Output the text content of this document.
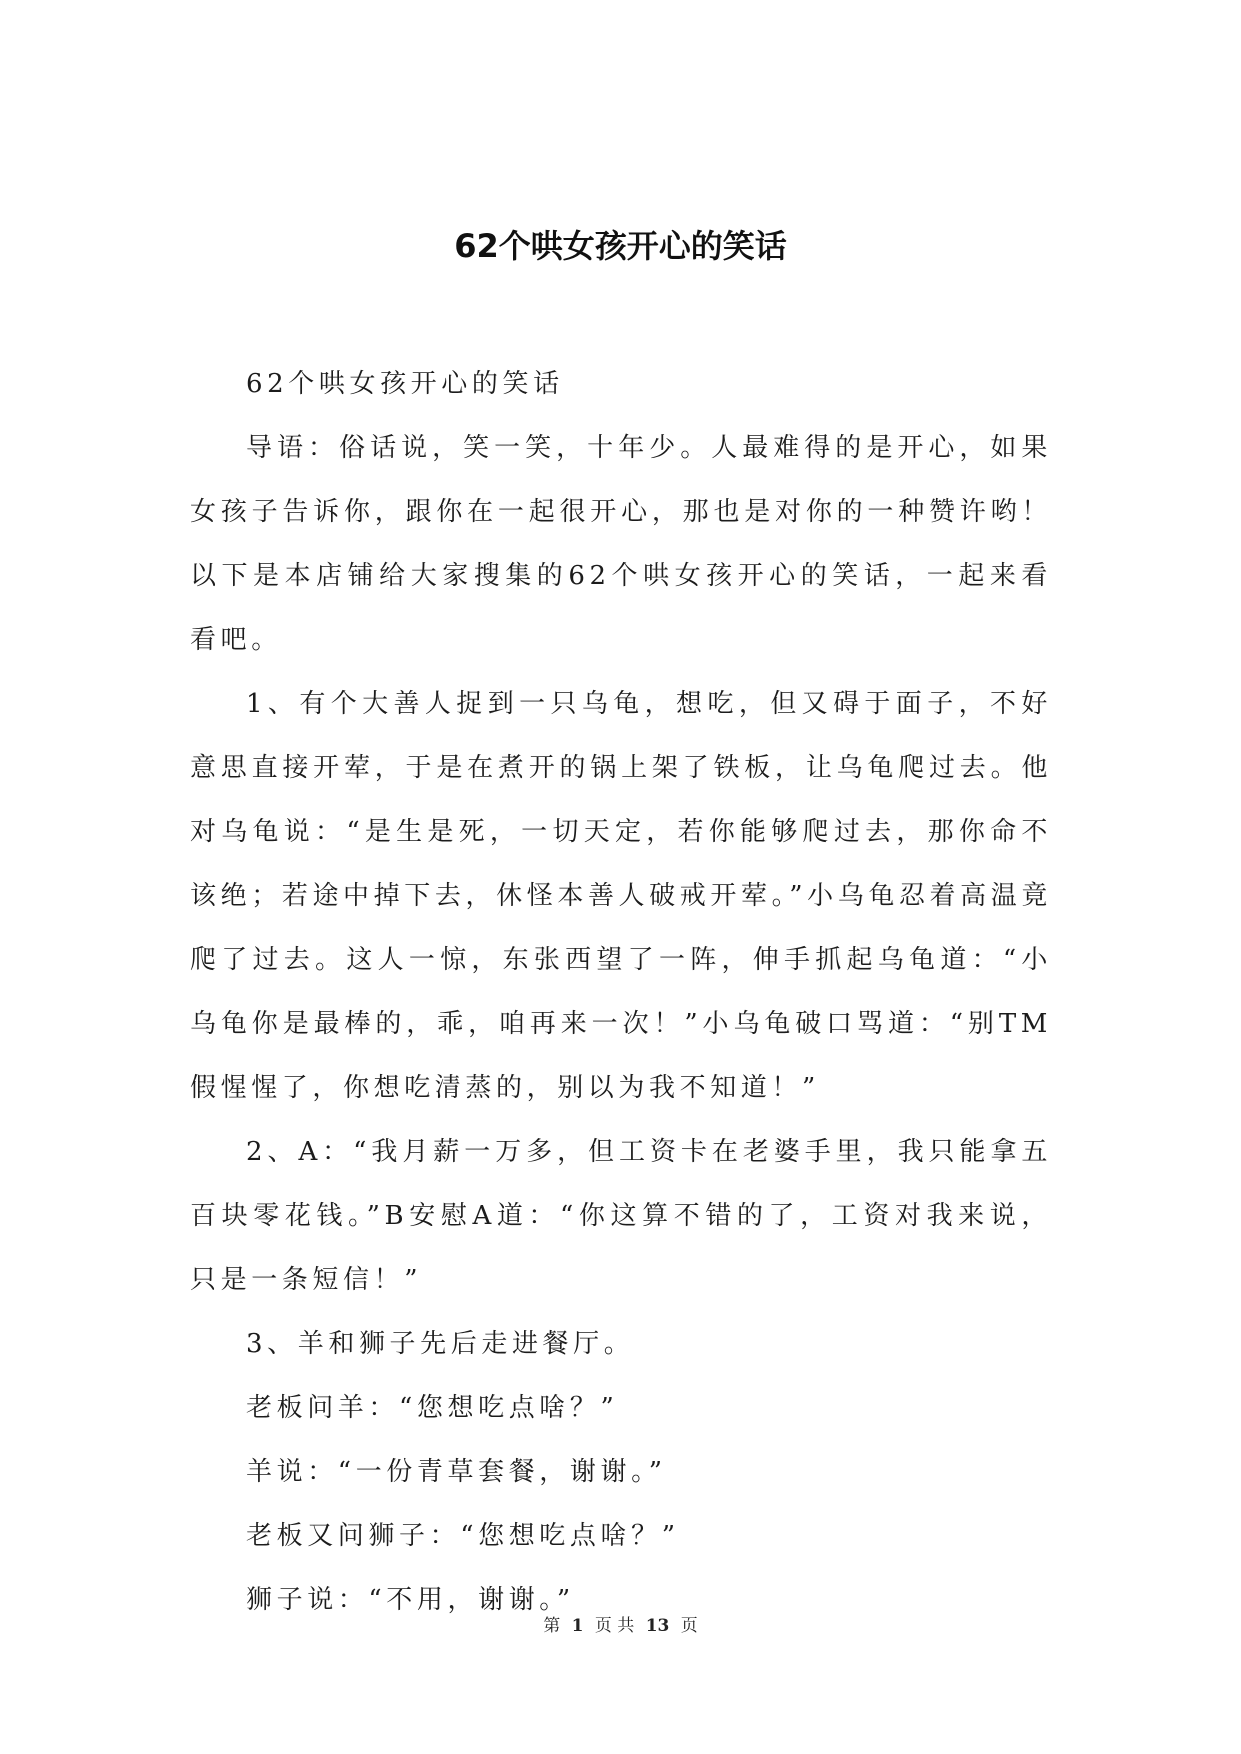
62个哄女孩开心的笑话

62个哄女孩开心的笑话

导语：俗话说，笑一笑，十年少。人最难得的是开心，如果女孩子告诉你，跟你在一起很开心，那也是对你的一种赞许哟！以下是本店铺给大家搜集的62个哄女孩开心的笑话，一起来看看吧。

1、有个大善人捉到一只乌龟，想吃，但又碍于面子，不好意思直接开荤，于是在煮开的锅上架了铁板，让乌龟爬过去。他对乌龟说：“是生是死，一切天定，若你能够爬过去，那你命不该绝；若途中掉下去，休怪本善人破戒开荤。”小乌龟忍着高温竟爬了过去。这人一惊，东张西望了一阵，伸手抓起乌龟道：“小乌龟你是最棒的，乖，咱再来一次！”小乌龟破口骂道：“别TM假惺惺了，你想吃清蒸的，别以为我不知道！”

2、A：“我月薪一万多，但工资卡在老婆手里，我只能拿五百块零花钱。”B安慰A道：“你这算不错的了，工资对我来说，只是一条短信！”

3、羊和狮子先后走进餐厅。

老板问羊：“您想吃点啥？”

羊说：“一份青草套餐，谢谢。”

老板又问狮子：“您想吃点啥？”

狮子说：“不用，谢谢。”

第 1 页 共 13 页
